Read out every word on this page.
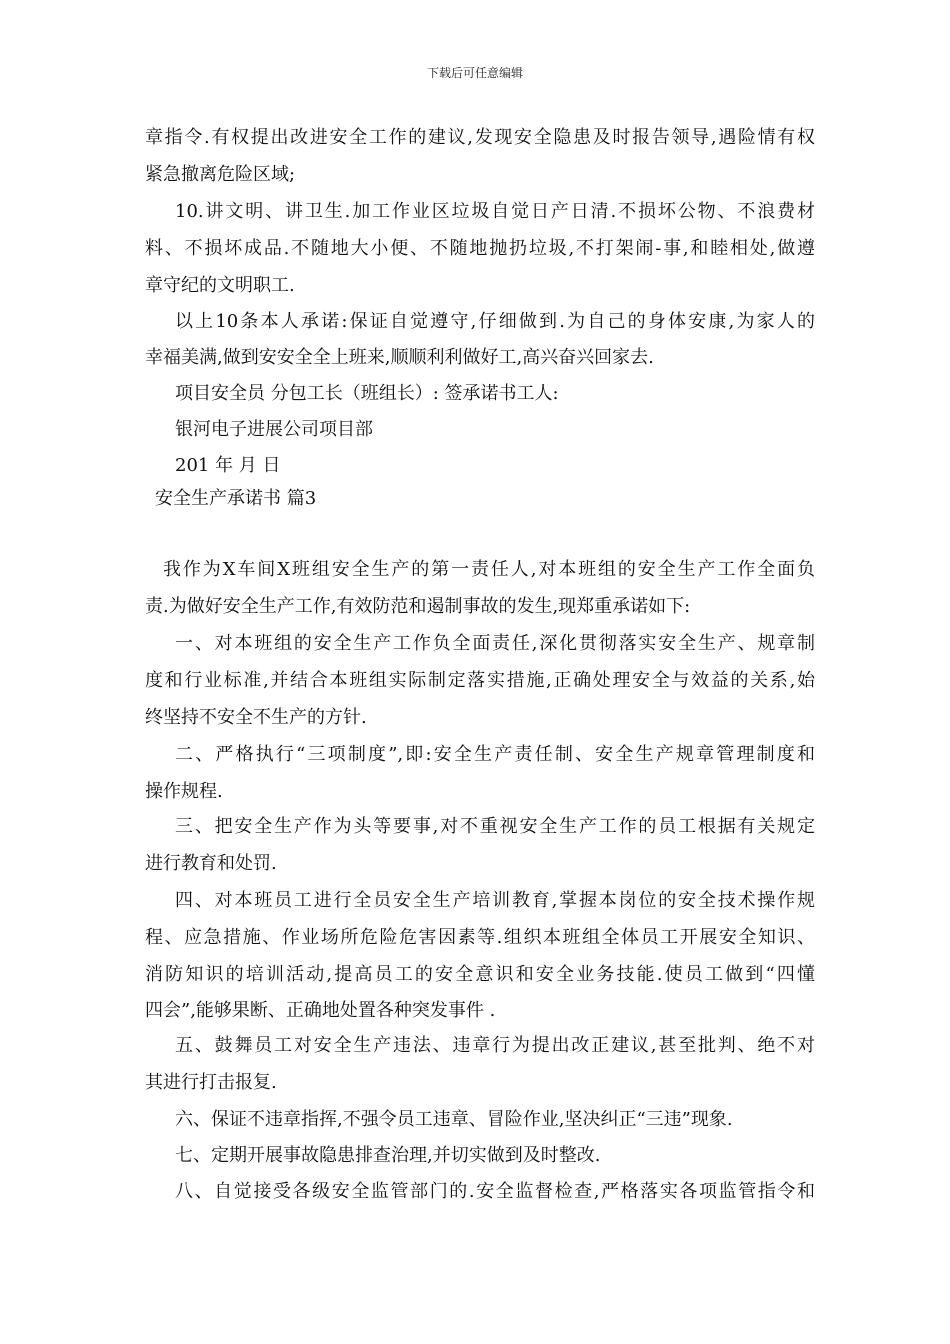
下载后可任意编辑
章指令.有权提出改进安全工作的建议,发现安全隐患及时报告领导,遇险情有权
紧急撤离危险区域;
10.讲文明、讲卫生.加工作业区垃圾自觉日产日清.不损坏公物、不浪费材
料、不损坏成品.不随地大小便、不随地抛扔垃圾,不打架闹-事,和睦相处,做遵
章守纪的文明职工.
以上10条本人承诺:保证自觉遵守,仔细做到.为自己的身体安康,为家人的
幸福美满,做到安安全全上班来,顺顺利利做好工,高兴奋兴回家去.
项目安全员 分包工长（班组长）: 签承诺书工人:
银河电子进展公司项目部
201 年 月 日
安全生产承诺书 篇3
我作为X车间X班组安全生产的第一责任人,对本班组的安全生产工作全面负
责.为做好安全生产工作,有效防范和遏制事故的发生,现郑重承诺如下:
一、对本班组的安全生产工作负全面责任,深化贯彻落实安全生产、规章制
度和行业标准,并结合本班组实际制定落实措施,正确处理安全与效益的关系,始
终坚持不安全不生产的方针.
二、严格执行“三项制度”,即:安全生产责任制、安全生产规章管理制度和
操作规程.
三、把安全生产作为头等要事,对不重视安全生产工作的员工根据有关规定
进行教育和处罚.
四、对本班员工进行全员安全生产培训教育,掌握本岗位的安全技术操作规
程、应急措施、作业场所危险危害因素等.组织本班组全体员工开展安全知识、
消防知识的培训活动,提高员工的安全意识和安全业务技能.使员工做到“四懂
四会”,能够果断、正确地处置各种突发事件 .
五、鼓舞员工对安全生产违法、违章行为提出改正建议,甚至批判、绝不对
其进行打击报复.
六、保证不违章指挥,不强令员工违章、冒险作业,坚决纠正“三违”现象.
七、定期开展事故隐患排查治理,并切实做到及时整改.
八、自觉接受各级安全监管部门的.安全监督检查,严格落实各项监管指令和
